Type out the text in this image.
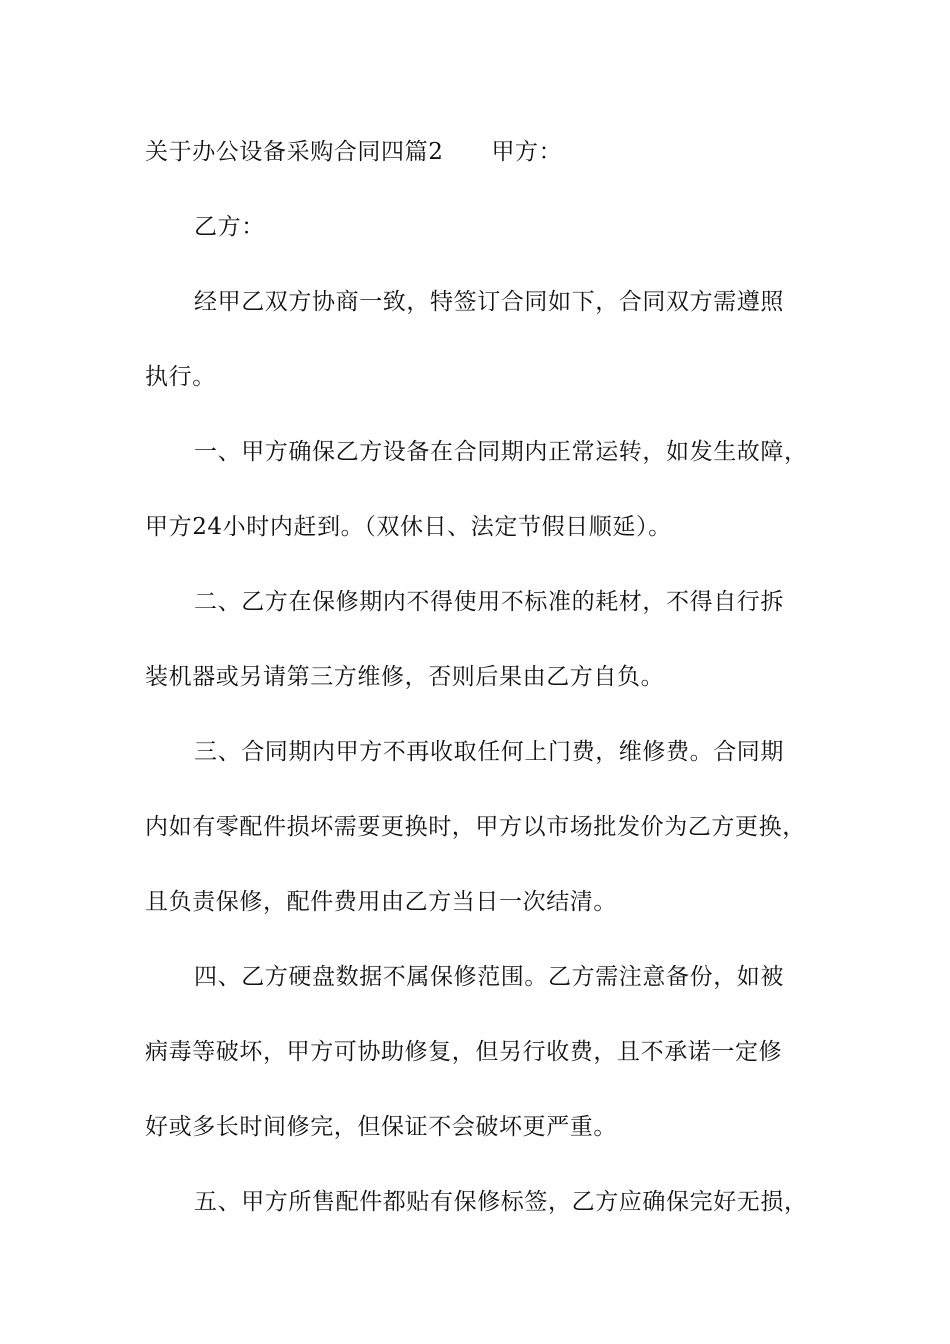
关于办公设备采购合同四篇2 甲方：
乙方：
经甲乙双方协商一致，特签订合同如下，合同双方需遵照
执行。
一、甲方确保乙方设备在合同期内正常运转，如发生故障，
甲方24小时内赶到。（双休日、法定节假日顺延）。
二、乙方在保修期内不得使用不标准的耗材，不得自行拆
装机器或另请第三方维修，否则后果由乙方自负。
三、合同期内甲方不再收取任何上门费，维修费。合同期
内如有零配件损坏需要更换时，甲方以市场批发价为乙方更换，
且负责保修，配件费用由乙方当日一次结清。
四、乙方硬盘数据不属保修范围。乙方需注意备份，如被
病毒等破坏，甲方可协助修复，但另行收费，且不承诺一定修
好或多长时间修完，但保证不会破坏更严重。
五、甲方所售配件都贴有保修标签，乙方应确保完好无损，
